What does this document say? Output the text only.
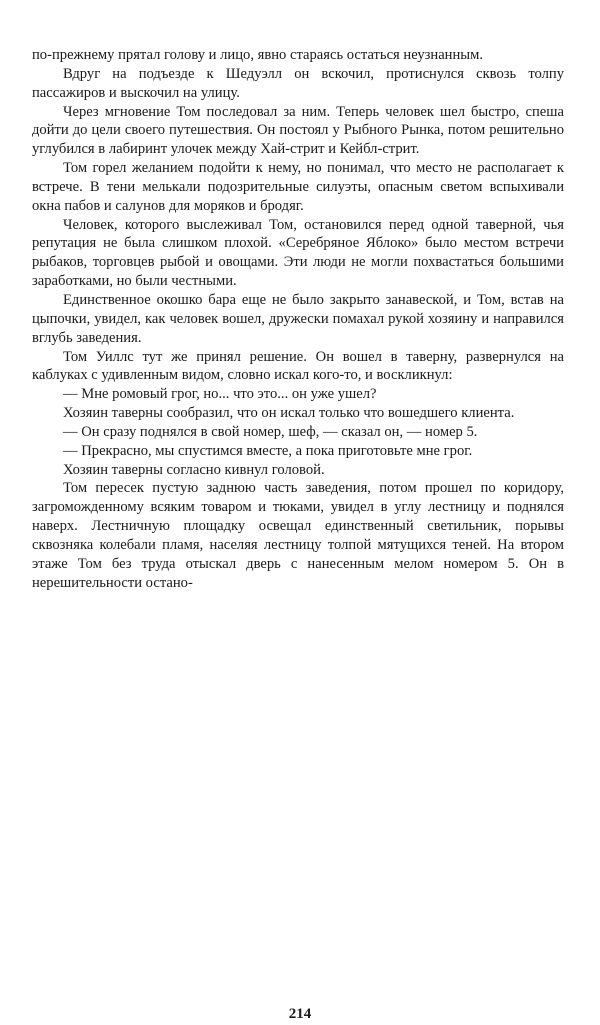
по-прежнему прятал голову и лицо, явно стараясь остаться неузнанным.

Вдруг на подъезде к Шедуэлл он вскочил, протиснулся сквозь толпу пассажиров и выскочил на улицу.

Через мгновение Том последовал за ним. Теперь человек шел быстро, спеша дойти до цели своего путешествия. Он постоял у Рыбного Рынка, потом решительно углубился в лабиринт улочек между Хай-стрит и Кейбл-стрит.

Том горел желанием подойти к нему, но понимал, что место не располагает к встрече. В тени мелькали подозрительные силуэты, опасным светом вспыхивали окна пабов и салунов для моряков и бродяг.

Человек, которого выслеживал Том, остановился перед одной таверной, чья репутация не была слишком плохой. «Серебряное Яблоко» было местом встречи рыбаков, торговцев рыбой и овощами. Эти люди не могли похвастаться большими заработками, но были честными.

Единственное окошко бара еще не было закрыто занавеской, и Том, встав на цыпочки, увидел, как человек вошел, дружески помахал рукой хозяину и направился вглубь заведения.

Том Уиллс тут же принял решение. Он вошел в таверну, развернулся на каблуках с удивленным видом, словно искал кого-то, и воскликнул:

— Мне ромовый грог, но... что это... он уже ушел?

Хозяин таверны сообразил, что он искал только что вошедшего клиента.

— Он сразу поднялся в свой номер, шеф, — сказал он, — номер 5.

— Прекрасно, мы спустимся вместе, а пока приготовьте мне грог.

Хозяин таверны согласно кивнул головой.

Том пересек пустую заднюю часть заведения, потом прошел по коридору, загроможденному всяким товаром и тюками, увидел в углу лестницу и поднялся наверх. Лестничную площадку освещал единственный светильник, порывы сквозняка колебали пламя, населяя лестницу толпой мятущихся теней. На втором этаже Том без труда отыскал дверь с нанесенным мелом номером 5. Он в нерешительности остано-

214
